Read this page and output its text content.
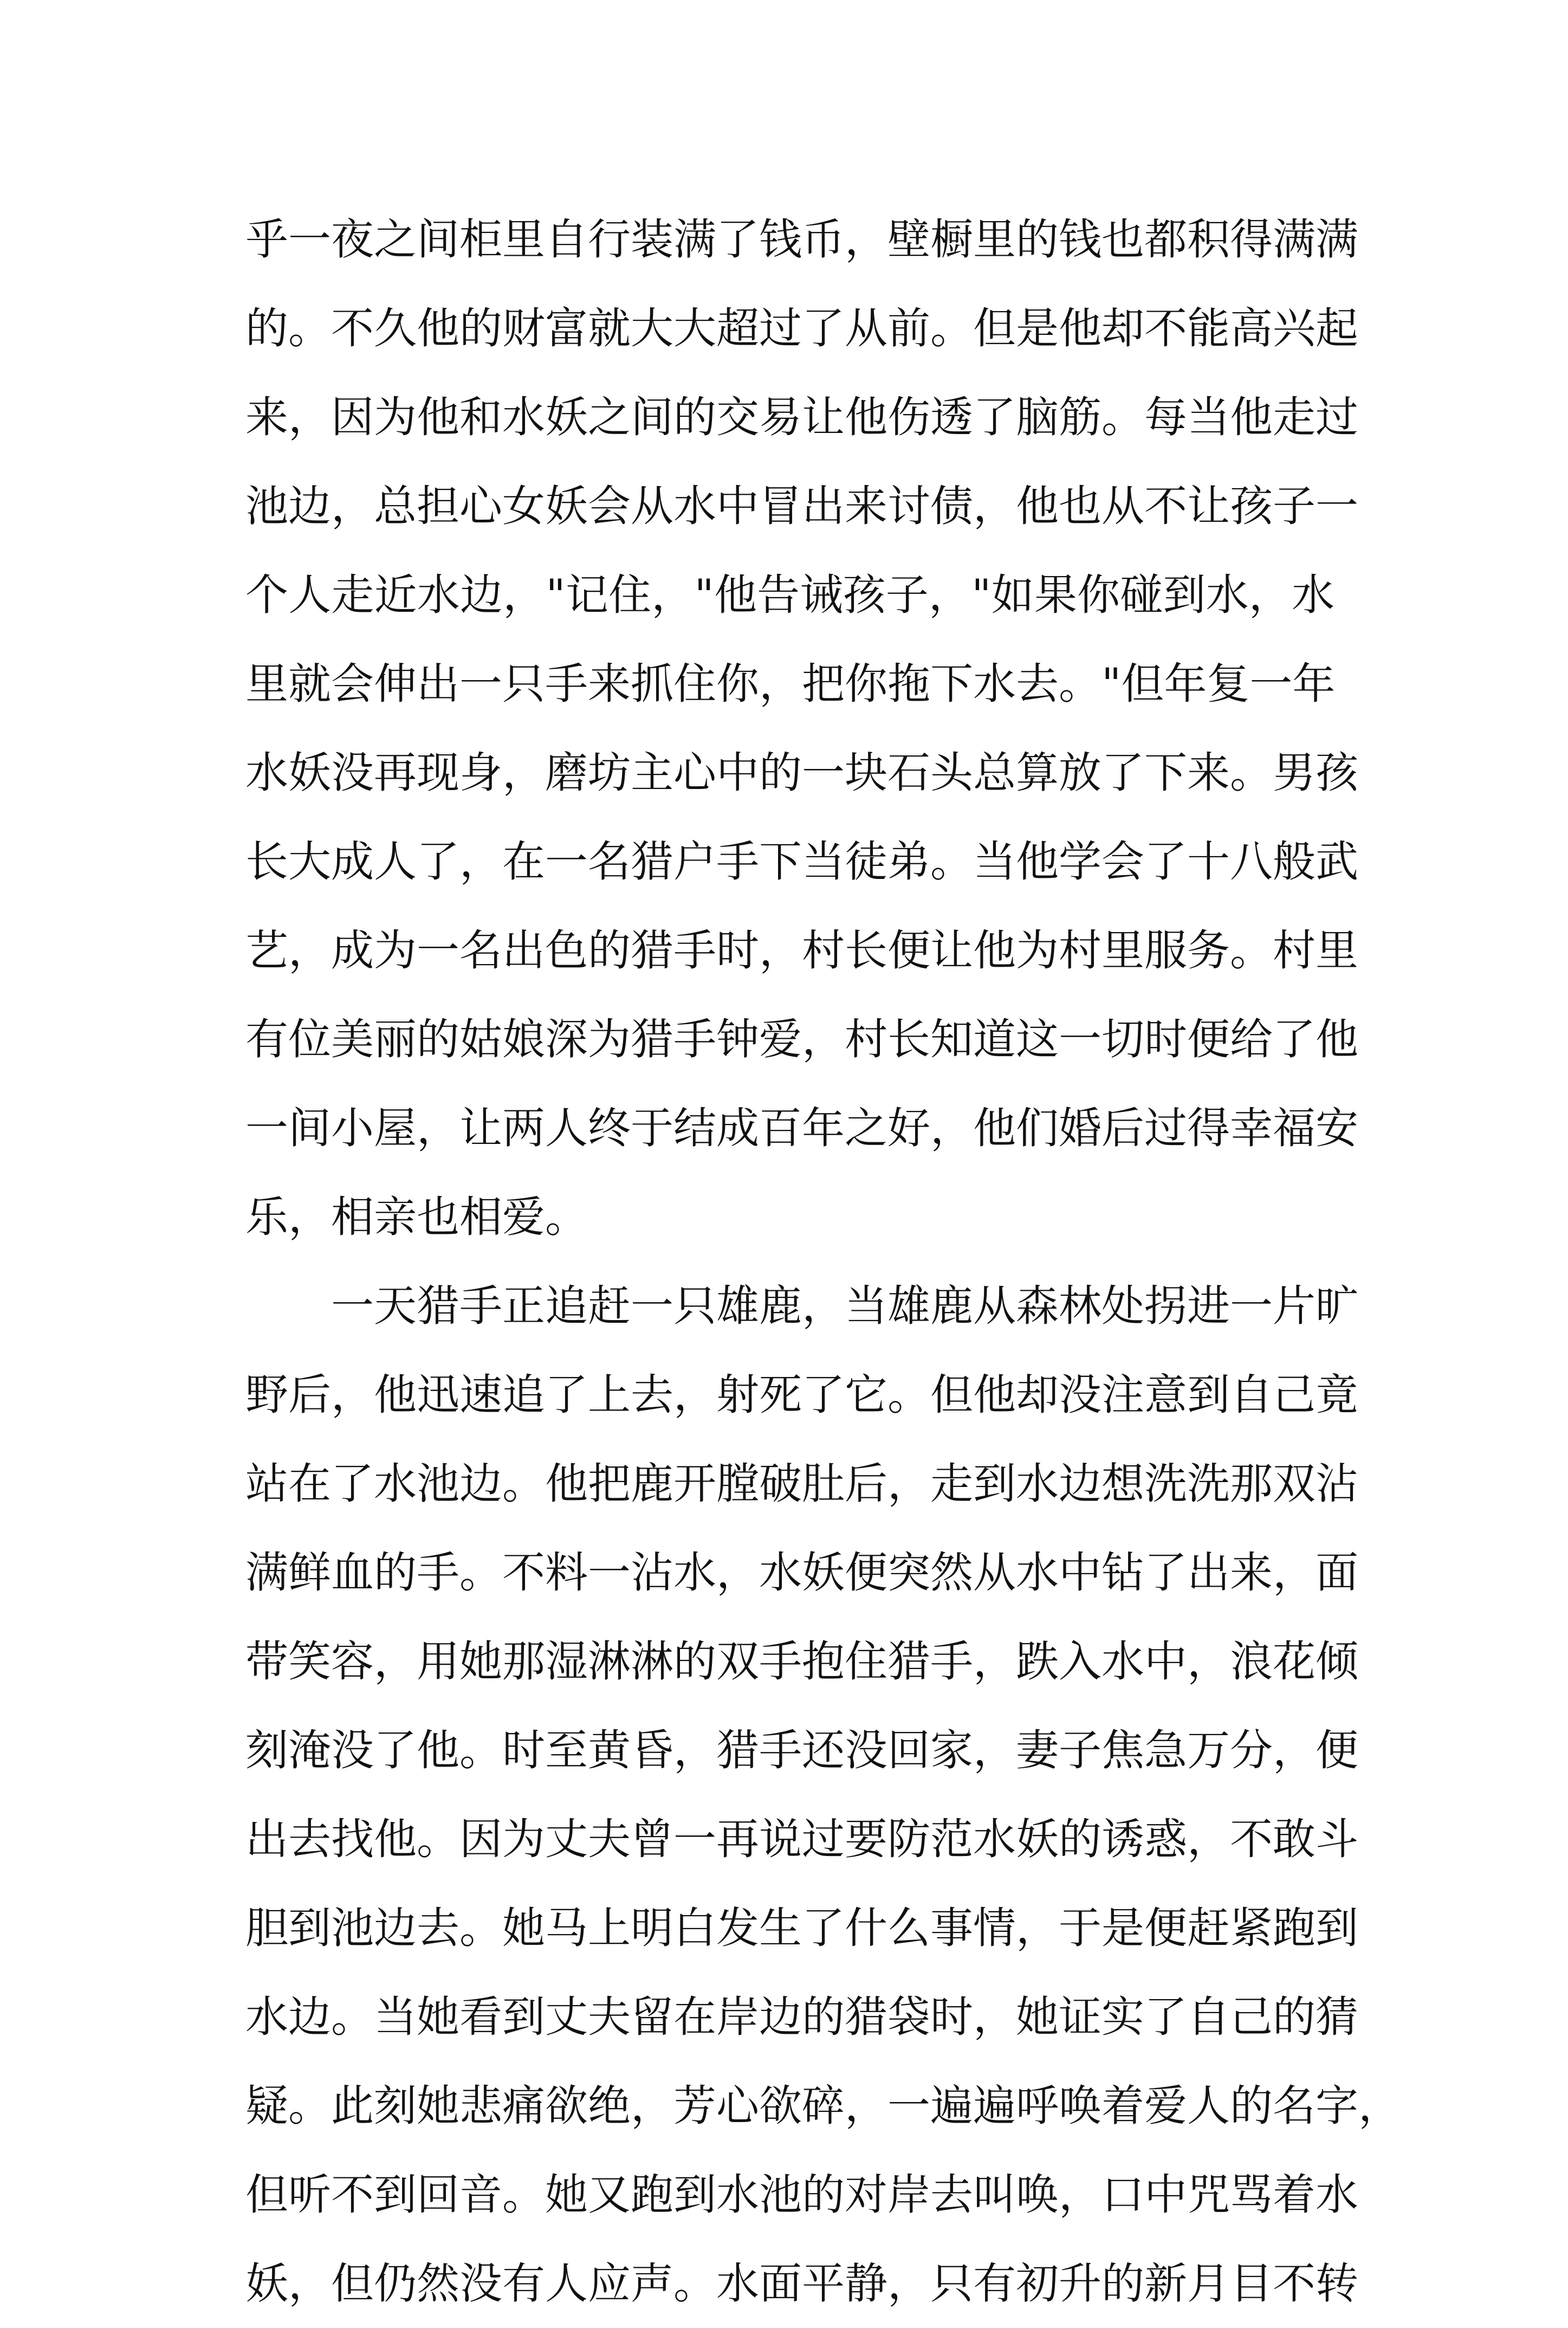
乎一夜之间柜里自行装满了钱币，壁橱里的钱也都积得满满
的。不久他的财富就大大超过了从前。但是他却不能高兴起
来，因为他和水妖之间的交易让他伤透了脑筋。每当他走过
池边，总担心女妖会从水中冒出来讨债，他也从不让孩子一
个人走近水边，"记住，"他告诫孩子，"如果你碰到水，水
里就会伸出一只手来抓住你，把你拖下水去。"但年复一年
水妖没再现身，磨坊主心中的一块石头总算放了下来。男孩
长大成人了，在一名猎户手下当徒弟。当他学会了十八般武
艺，成为一名出色的猎手时，村长便让他为村里服务。村里
有位美丽的姑娘深为猎手钟爱，村长知道这一切时便给了他
一间小屋，让两人终于结成百年之好，他们婚后过得幸福安
乐，相亲也相爱。
一天猎手正追赶一只雄鹿，当雄鹿从森林处拐进一片旷
野后，他迅速追了上去，射死了它。但他却没注意到自己竟
站在了水池边。他把鹿开膛破肚后，走到水边想洗洗那双沾
满鲜血的手。不料一沾水，水妖便突然从水中钻了出来，面
带笑容，用她那湿淋淋的双手抱住猎手，跌入水中，浪花倾
刻淹没了他。时至黄昏，猎手还没回家，妻子焦急万分，便
出去找他。因为丈夫曾一再说过要防范水妖的诱惑，不敢斗
胆到池边去。她马上明白发生了什么事情，于是便赶紧跑到
水边。当她看到丈夫留在岸边的猎袋时，她证实了自己的猜
疑。此刻她悲痛欲绝，芳心欲碎，一遍遍呼唤着爱人的名字，
但听不到回音。她又跑到水池的对岸去叫唤，口中咒骂着水
妖，但仍然没有人应声。水面平静，只有初升的新月目不转
